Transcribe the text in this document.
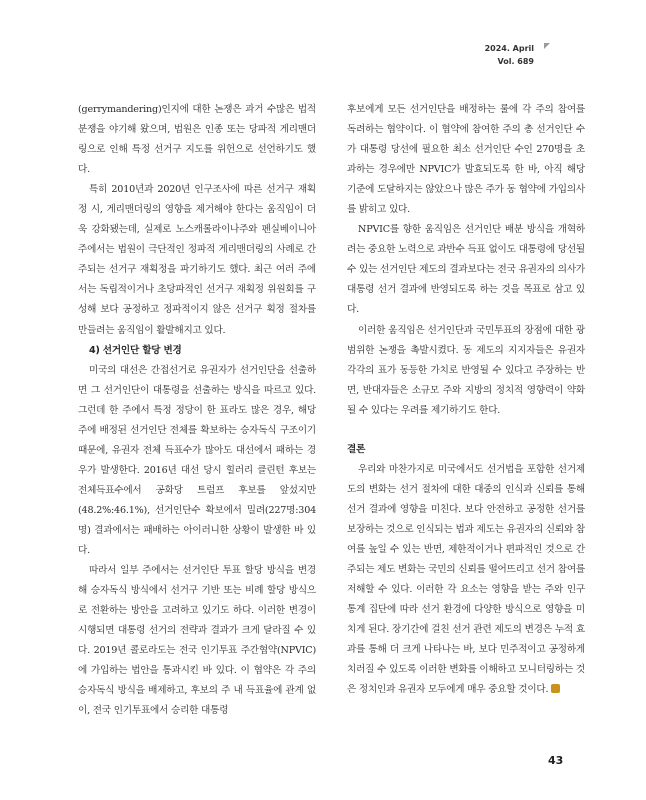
2024. April
Vol. 689

(gerrymandering)인지에 대한 논쟁은 과거 수많은 법적 분쟁을 야기해 왔으며, 법원은 인종 또는 당파적 게리맨더링으로 인해 특정 선거구 지도를 위헌으로 선언하기도 했다.

특히 2010년과 2020년 인구조사에 따른 선거구 재획정 시, 게리맨더링의 영향을 제거해야 한다는 움직임이 더욱 강화됐는데, 실제로 노스캐롤라이나주와 펜실베이니아주에서는 법원이 극단적인 정파적 게리맨더링의 사례로 간주되는 선거구 재획정을 파기하기도 했다. 최근 여러 주에서는 독립적이거나 초당파적인 선거구 재획정 위원회를 구성해 보다 공정하고 정파적이지 않은 선거구 획정 절차를 만들려는 움직임이 활발해지고 있다.

4) 선거인단 할당 변경

미국의 대선은 간접선거로 유권자가 선거인단을 선출하면 그 선거인단이 대통령을 선출하는 방식을 따르고 있다. 그런데 한 주에서 특정 정당이 한 표라도 많은 경우, 해당 주에 배정된 선거인단 전체를 확보하는 승자독식 구조이기 때문에, 유권자 전체 득표수가 많아도 대선에서 패하는 경우가 발생한다. 2016년 대선 당시 힐러리 클린턴 후보는 전체득표수에서 공화당 트럼프 후보를 앞섰지만(48.2%:46.1%), 선거인단수 확보에서 밀려(227명:304명) 결과에서는 패배하는 아이러니한 상황이 발생한 바 있다.

따라서 일부 주에서는 선거인단 투표 할당 방식을 변경해 승자독식 방식에서 선거구 기반 또는 비례 할당 방식으로 전환하는 방안을 고려하고 있기도 하다. 이러한 변경이 시행되면 대통령 선거의 전략과 결과가 크게 달라질 수 있다. 2019년 콜로라도는 전국 인기투표 주간협약(NPVIC)에 가입하는 법안을 통과시킨 바 있다. 이 협약은 각 주의 승자독식 방식을 배제하고, 후보의 주 내 득표율에 관계 없이, 전국 인기투표에서 승리한 대통령

후보에게 모든 선거인단을 배정하는 룰에 각 주의 참여를 독려하는 협약이다. 이 협약에 참여한 주의 총 선거인단 수가 대통령 당선에 필요한 최소 선거인단 수인 270명을 초과하는 경우에만 NPVIC가 발효되도록 한 바, 아직 해당 기준에 도달하지는 않았으나 많은 주가 동 협약에 가입의사를 밝히고 있다.

NPVIC를 향한 움직임은 선거인단 배분 방식을 개혁하려는 중요한 노력으로 과반수 득표 없이도 대통령에 당선될 수 있는 선거인단 제도의 결과보다는 전국 유권자의 의사가 대통령 선거 결과에 반영되도록 하는 것을 목표로 삼고 있다.

이러한 움직임은 선거인단과 국민투표의 장점에 대한 광범위한 논쟁을 촉발시켰다. 동 제도의 지지자들은 유권자 각각의 표가 동등한 가치로 반영될 수 있다고 주장하는 반면, 반대자들은 소규모 주와 지방의 정치적 영향력이 약화될 수 있다는 우려를 제기하기도 한다.

결론

우리와 마찬가지로 미국에서도 선거법을 포함한 선거제도의 변화는 선거 절차에 대한 대중의 인식과 신뢰를 통해 선거 결과에 영향을 미친다. 보다 안전하고 공정한 선거를 보장하는 것으로 인식되는 법과 제도는 유권자의 신뢰와 참여를 높일 수 있는 반면, 제한적이거나 편파적인 것으로 간주되는 제도 변화는 국민의 신뢰를 떨어뜨리고 선거 참여를 저해할 수 있다. 이러한 각 요소는 영향을 받는 주와 인구 통계 집단에 따라 선거 환경에 다양한 방식으로 영향을 미치게 된다. 장기간에 걸친 선거 관련 제도의 변경은 누적 효과를 통해 더 크게 나타나는 바, 보다 민주적이고 공정하게 치러질 수 있도록 이러한 변화를 이해하고 모니터링하는 것은 정치인과 유권자 모두에게 매우 중요할 것이다.

43
